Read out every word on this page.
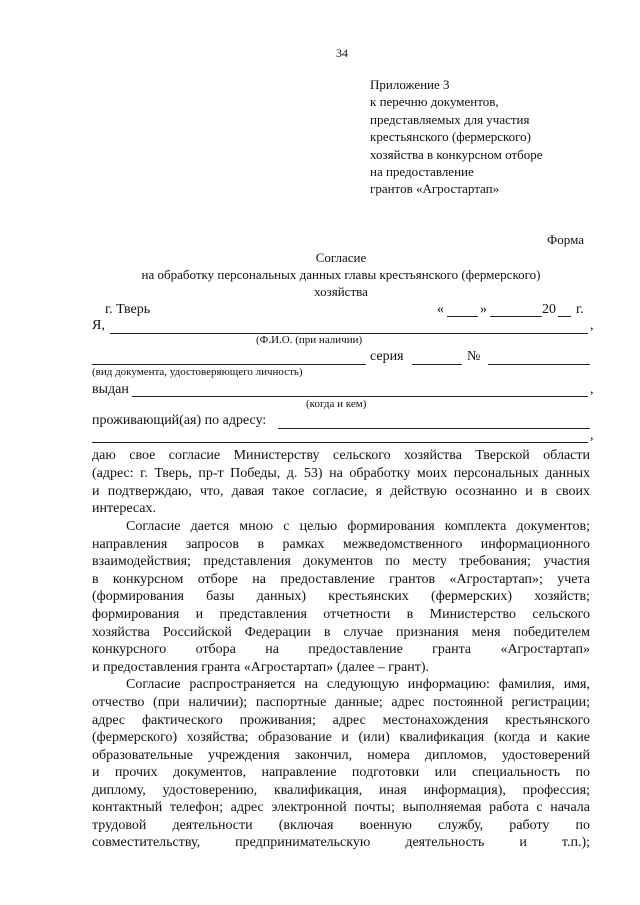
34
Приложение 3
к перечню документов,
представляемых для участия
крестьянского (фермерского)
хозяйства в конкурсном отборе
на предоставление
грантов «Агростартап»
Форма
Согласие
на обработку персональных данных главы крестьянского (фермерского)
хозяйства
г. Тверь	«	»	20 г.
Я,	,
(Ф.И.О. (при наличии)
серия	№
(вид документа, удостоверяющего личность)
выдан	,
(когда и кем)
проживающий(ая) по адресу:
,
даю свое согласие Министерству сельского хозяйства Тверской области
(адрес: г. Тверь, пр-т Победы, д. 53) на обработку моих персональных данных
и подтверждаю, что, давая такое согласие, я действую осознанно и в своих
интересах.
Согласие дается мною с целью формирования комплекта документов;
направления запросов в рамках межведомственного информационного
взаимодействия; представления документов по месту требования; участия
в конкурсном отборе на предоставление грантов «Агростартап»; учета
(формирования базы данных) крестьянских (фермерских) хозяйств;
формирования и представления отчетности в Министерство сельского
хозяйства Российской Федерации в случае признания меня победителем
конкурсного отбора на предоставление гранта «Агростартап»
и предоставления гранта «Агростартап» (далее – грант).
Согласие распространяется на следующую информацию: фамилия, имя,
отчество (при наличии); паспортные данные; адрес постоянной регистрации;
адрес фактического проживания; адрес местонахождения крестьянского
(фермерского) хозяйства; образование и (или) квалификация (когда и какие
образовательные учреждения закончил, номера дипломов, удостоверений
и прочих документов, направление подготовки или специальность по
диплому, удостоверению, квалификация, иная информация), профессия;
контактный телефон; адрес электронной почты; выполняемая работа с начала
трудовой деятельности (включая военную службу, работу по
совместительству, предпринимательскую деятельность и т.п.);
